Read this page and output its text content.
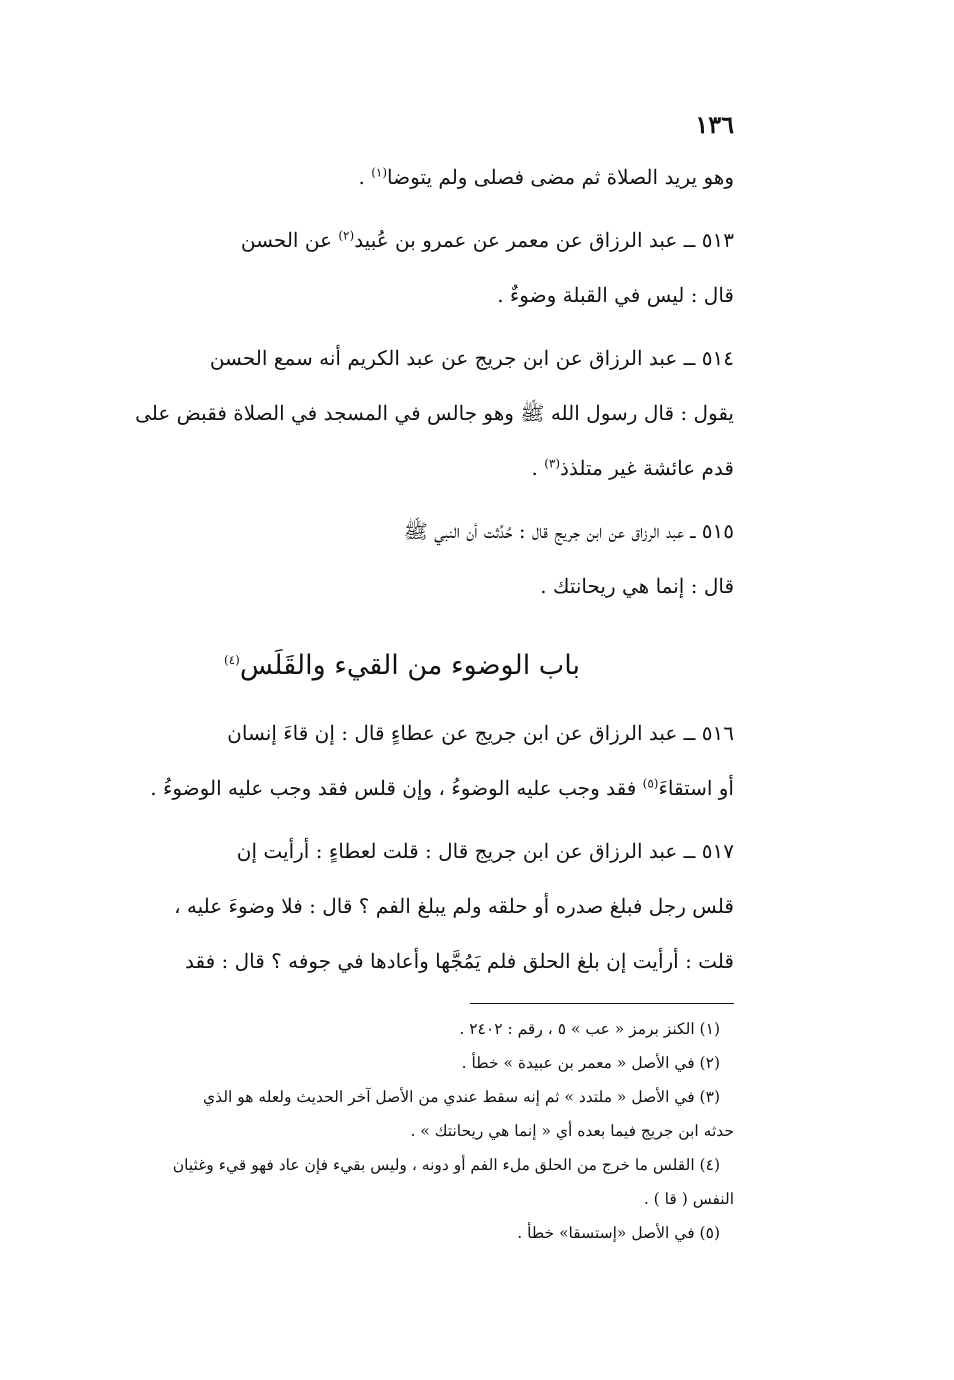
١٣٦
وهو يريد الصلاة ثم مضى فصلى ولم يتوضا$^{(١)}$ .
٥١٣ ــ عبد الرزاق عن معمر عن عمرو بن عُبيد$^{(٢)}$ عن الحسن
قال : ليس في القبلة وضوءٌ .
٥١٤ ــ عبد الرزاق عن ابن جريج عن عبد الكريم أنه سمع الحسن
يقول : قال رسول الله ﷺ وهو جالس في المسجد في الصلاة فقبض على
قدم عائشة غير متلذذ$^{(٣)}$ .
٥١٥ ــ عبد الرزاق عن ابن جريج قال : حُدِّثت أن النبي ﷺ
قال : إنما هي ريحانتك .
باب الوضوء من القيء والقَلَس$^{(٤)}$
٥١٦ ــ عبد الرزاق عن ابن جريج عن عطاءٍ قال : إن قاءَ إنسان
أو استقاءَ$^{(٥)}$ فقد وجب عليه الوضوءُ ، وإن قلس فقد وجب عليه الوضوءُ .
٥١٧ ــ عبد الرزاق عن ابن جريج قال : قلت لعطاءٍ : أرأيت إن
قلس رجل فبلغ صدره أو حلقه ولم يبلغ الفم ؟ قال : فلا وضوءَ عليه ،
قلت : أرأيت إن بلغ الحلق فلم يَمُجَّها وأعادها في جوفه ؟ قال : فقد
(١) الكنز برمز « عب » ٥ ، رقم : ٢٤٠٢ .
(٢) في الأصل « معمر بن عبيدة » خطأ .
(٣) في الأصل « ملتدد » ثم إنه سقط عندي من الأصل آخر الحديث ولعله هو الذي
حدثه ابن جريج فيما بعده أي « إنما هي ريحانتك » .
(٤) القلس ما خرج من الحلق ملء الفم أو دونه ، وليس بقيء فإن عاد فهو قيء وغثيان
النفس ( قا ) .
(٥) في الأصل «إستسقا» خطأ .
